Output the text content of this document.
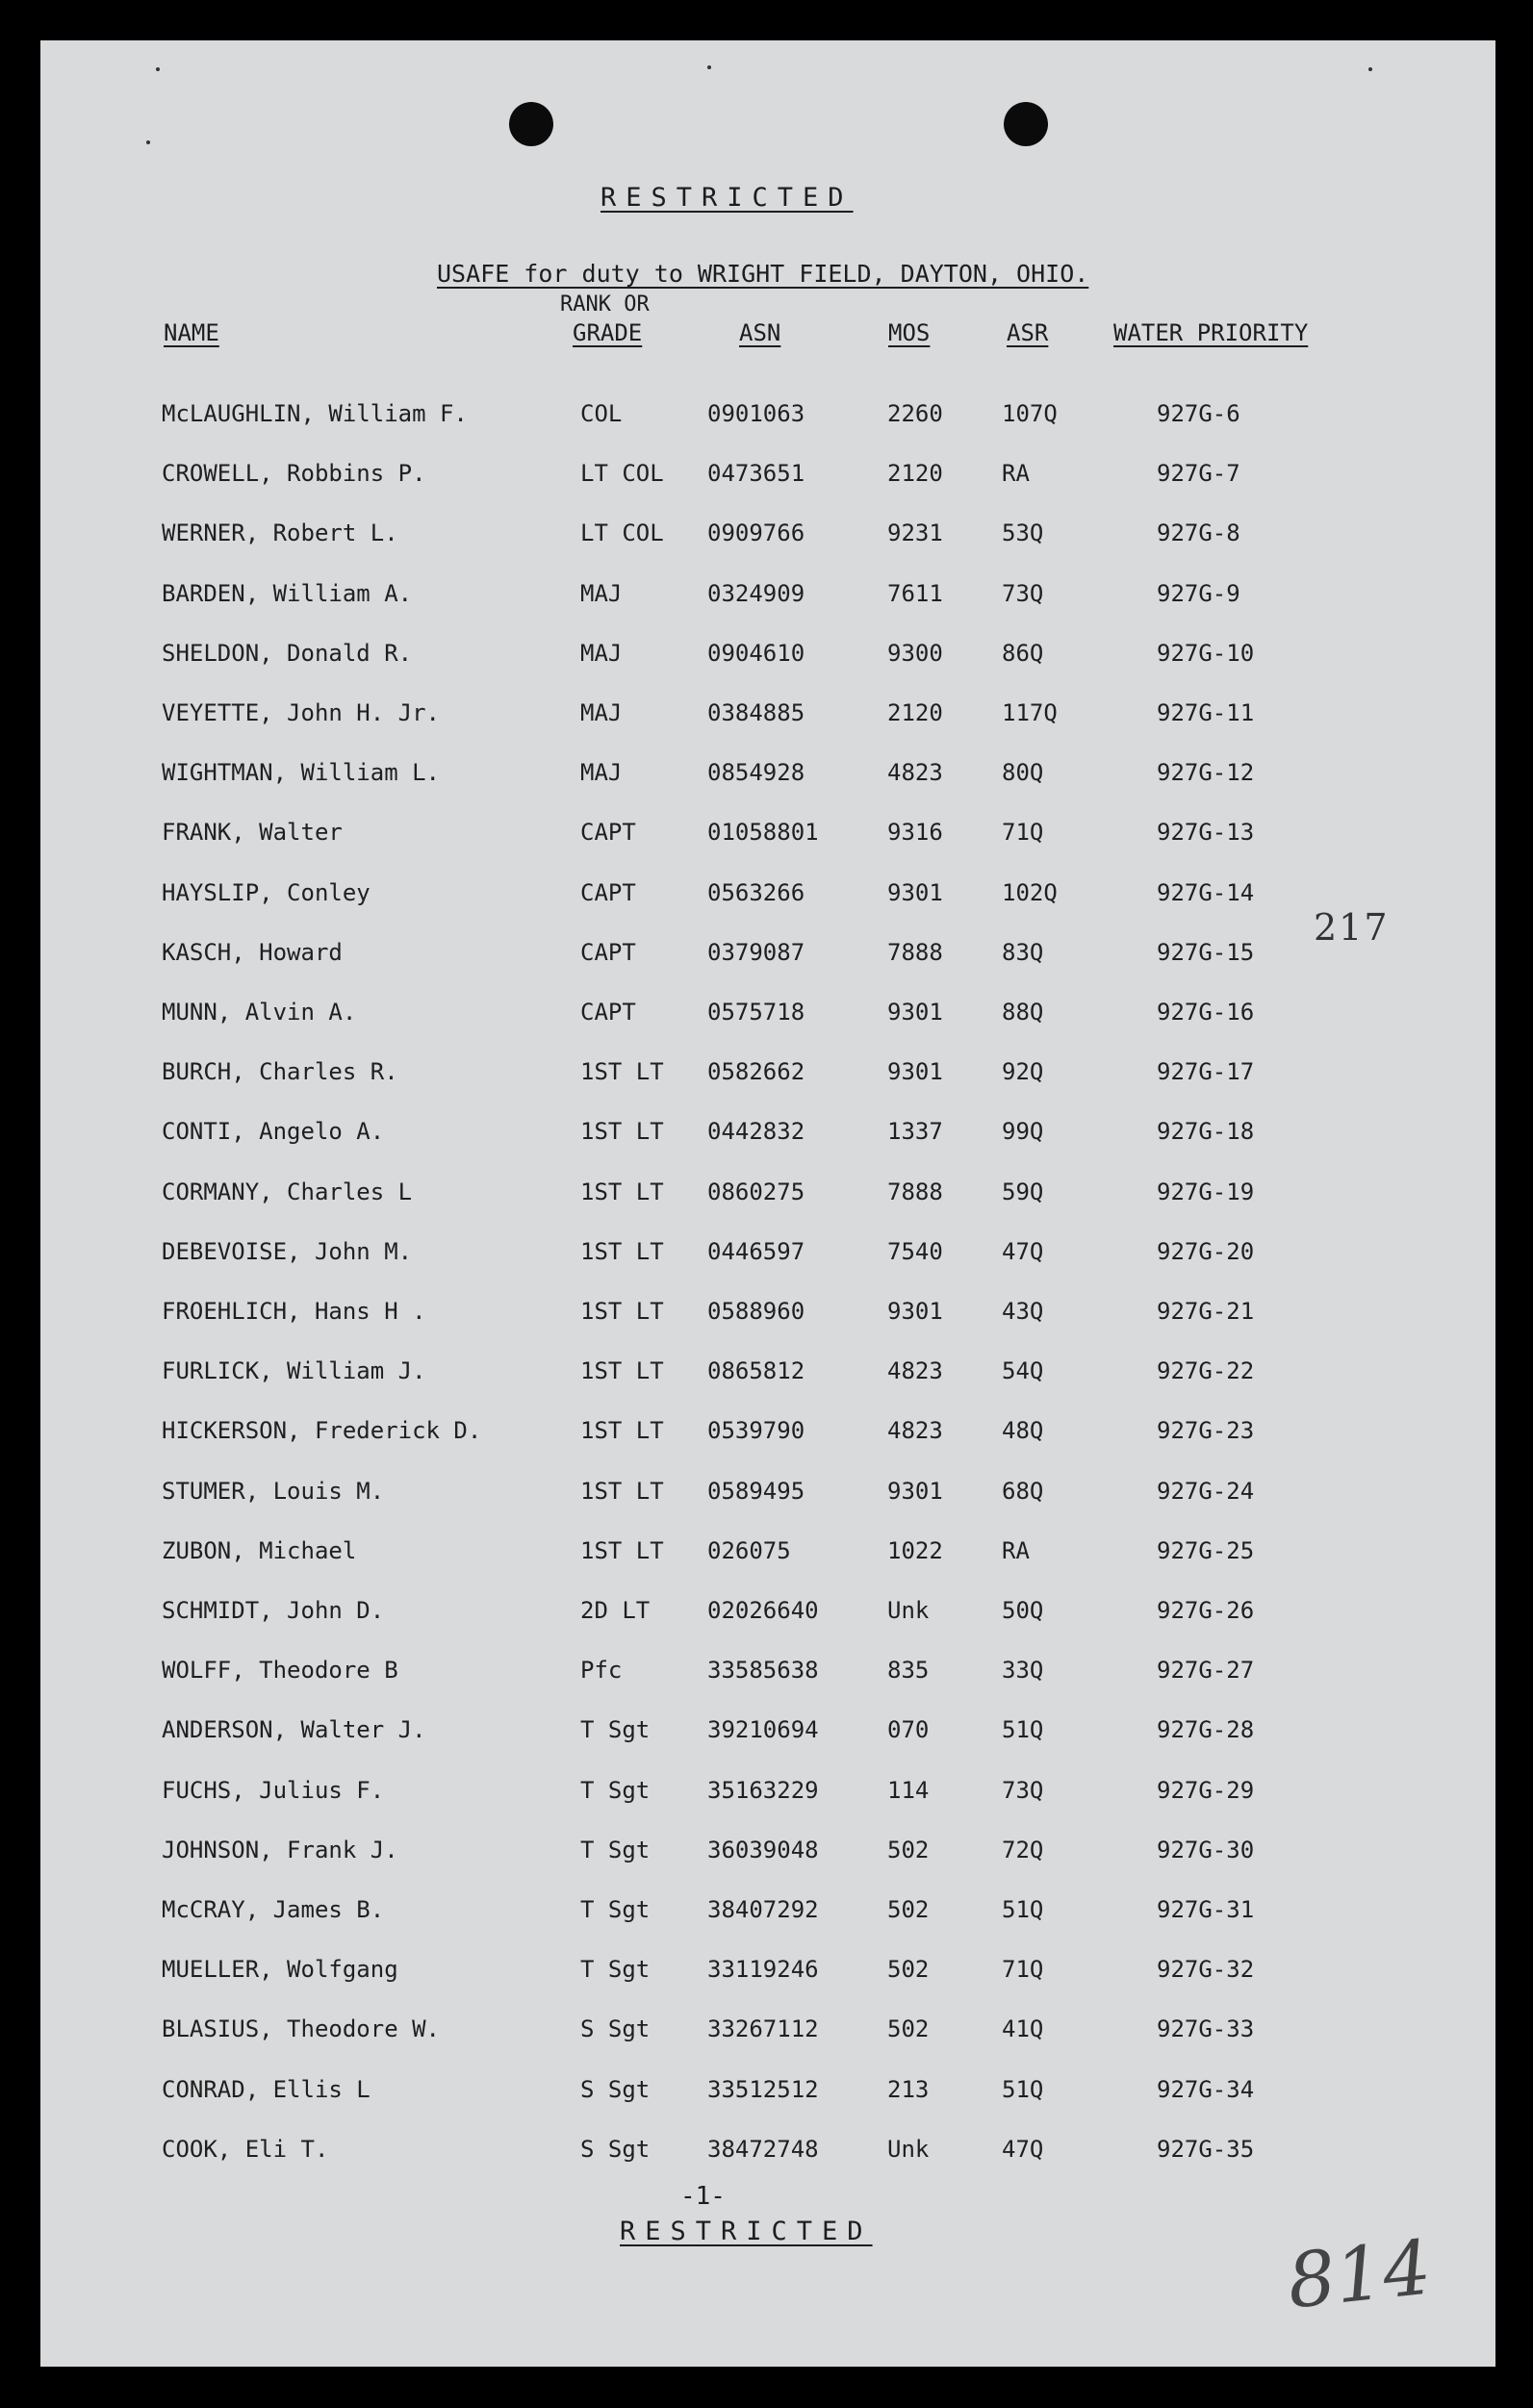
RESTRICTED
USAFE for duty to WRIGHT FIELD, DAYTON, OHIO.
NAME
RANK OR
GRADE	ASN	MOS	ASR	WATER PRIORITY
McLAUGHLIN, William F.	COL	0901063	2260	107Q	927G-6
CROWELL, Robbins P.	LT COL 0473651	2120	RA	927G-7
WERNER, Robert L.	LT COL 0909766	9231	53Q	927G-8
BARDEN, William A.	MAJ	0324909	7611	73Q	927G-9
SHELDON, Donald R.	MAJ	0904610	9300	86Q	927G-10
VEYETTE, John H. Jr.	MAJ	0384885	2120	117Q	927G-11
WIGHTMAN, William L.	MAJ	0854928	4823	80Q	927G-12
FRANK, Walter	CAPT	01058801	9316	71Q	927G-13
HAYSLIP, Conley	CAPT	0563266	9301	102Q	927G-14
KASCH, Howard	CAPT	0379087	7888	83Q	927G-15
MUNN, Alvin A.	CAPT	0575718	9301	88Q	927G-16
BURCH, Charles R.	1ST LT 0582662	9301	92Q	927G-17
CONTI, Angelo A.	1ST LT 0442832	1337	99Q	927G-18
CORMANY, Charles L	1ST LT 0860275	7888	59Q	927G-19
DEBEVOISE, John M.	1ST LT 0446597	7540	47Q	927G-20
FROEHLICH, Hans H .	1ST LT 0588960	9301	43Q	927G-21
FURLICK, William J.	1ST LT 0865812	4823	54Q	927G-22
HICKERSON, Frederick D.	1ST LT 0539790	4823	48Q	927G-23
STUMER, Louis M.	1ST LT 0589495	9301	68Q	927G-24
ZUBON, Michael	1ST LT 026075	1022	RA	927G-25
SCHMIDT, John D.	2D LT 02026640	Unk	50Q	927G-26
WOLFF, Theodore B	Pfc	33585638	835	33Q	927G-27
ANDERSON, Walter J.	T Sgt 39210694	070	51Q	927G-28
FUCHS, Julius F.	T Sgt 35163229	114	73Q	927G-29
JOHNSON, Frank J.	T Sgt 36039048	502	72Q	927G-30
McCRAY, James B.	T Sgt 38407292	502	51Q	927G-31
MUELLER, Wolfgang	T Sgt 33119246	502	71Q	927G-32
BLASIUS, Theodore W.	S Sgt 33267112	502	41Q	927G-33
CONRAD, Ellis L	S Sgt 33512512	213	51Q	927G-34
COOK, Eli T.	S Sgt 38472748	Unk	47Q	927G-35
217
-1-
RESTRICTED	814
